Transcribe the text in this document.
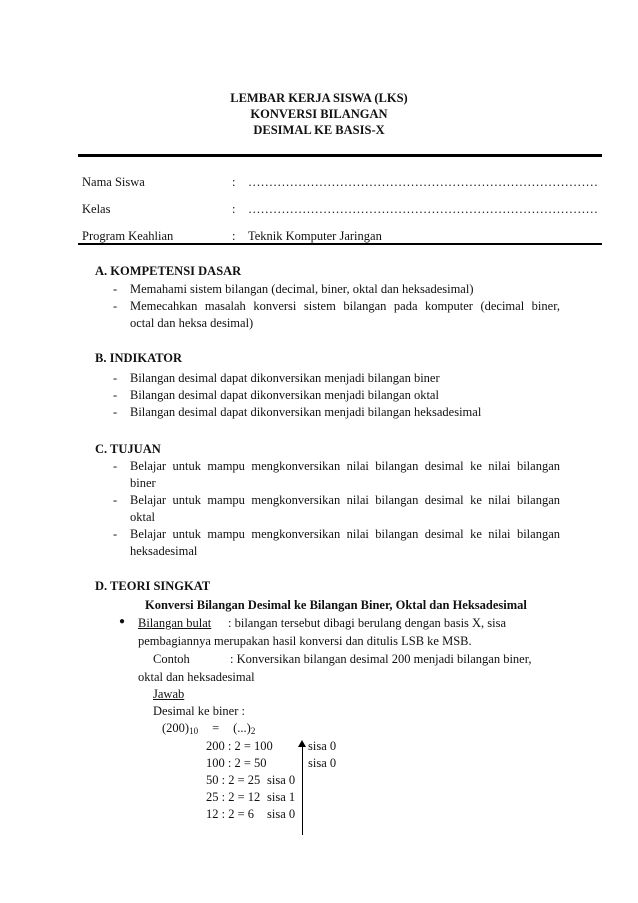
LEMBAR KERJA SISWA (LKS)
KONVERSI BILANGAN
DESIMAL KE BASIS-X
Nama Siswa	: …………………………………………………………………………
Kelas	: …………………………………………………………………………
Program Keahlian	: Teknik Komputer Jaringan
A. KOMPETENSI DASAR
- Memahami sistem bilangan (decimal, biner, oktal dan heksadesimal)
- Memecahkan masalah konversi sistem bilangan pada komputer (decimal biner,
octal dan heksa desimal)
B. INDIKATOR
- Bilangan desimal dapat dikonversikan menjadi bilangan biner
- Bilangan desimal dapat dikonversikan menjadi bilangan oktal
- Bilangan desimal dapat dikonversikan menjadi bilangan heksadesimal
C. TUJUAN
- Belajar untuk mampu mengkonversikan nilai bilangan desimal ke nilai bilangan
biner
- Belajar untuk mampu mengkonversikan nilai bilangan desimal ke nilai bilangan
oktal
- Belajar untuk mampu mengkonversikan nilai bilangan desimal ke nilai bilangan
heksadesimal
D. TEORI SINGKAT
Konversi Bilangan Desimal ke Bilangan Biner, Oktal dan Heksadesimal
● Bilangan bulat : bilangan tersebut dibagi berulang dengan basis X, sisa
pembagiannya merupakan hasil konversi dan ditulis LSB ke MSB.
Contoh	: Konversikan bilangan desimal 200 menjadi bilangan biner,
oktal dan heksadesimal
Jawab
Desimal ke biner :
$(200)_{10} = (...)_2$
200 : 2 = 100	sisa 0
100 : 2 = 50	sisa 0
50 : 2 = 25 sisa 0
25 : 2 = 12 sisa 1
12 : 2 = 6 sisa 0
